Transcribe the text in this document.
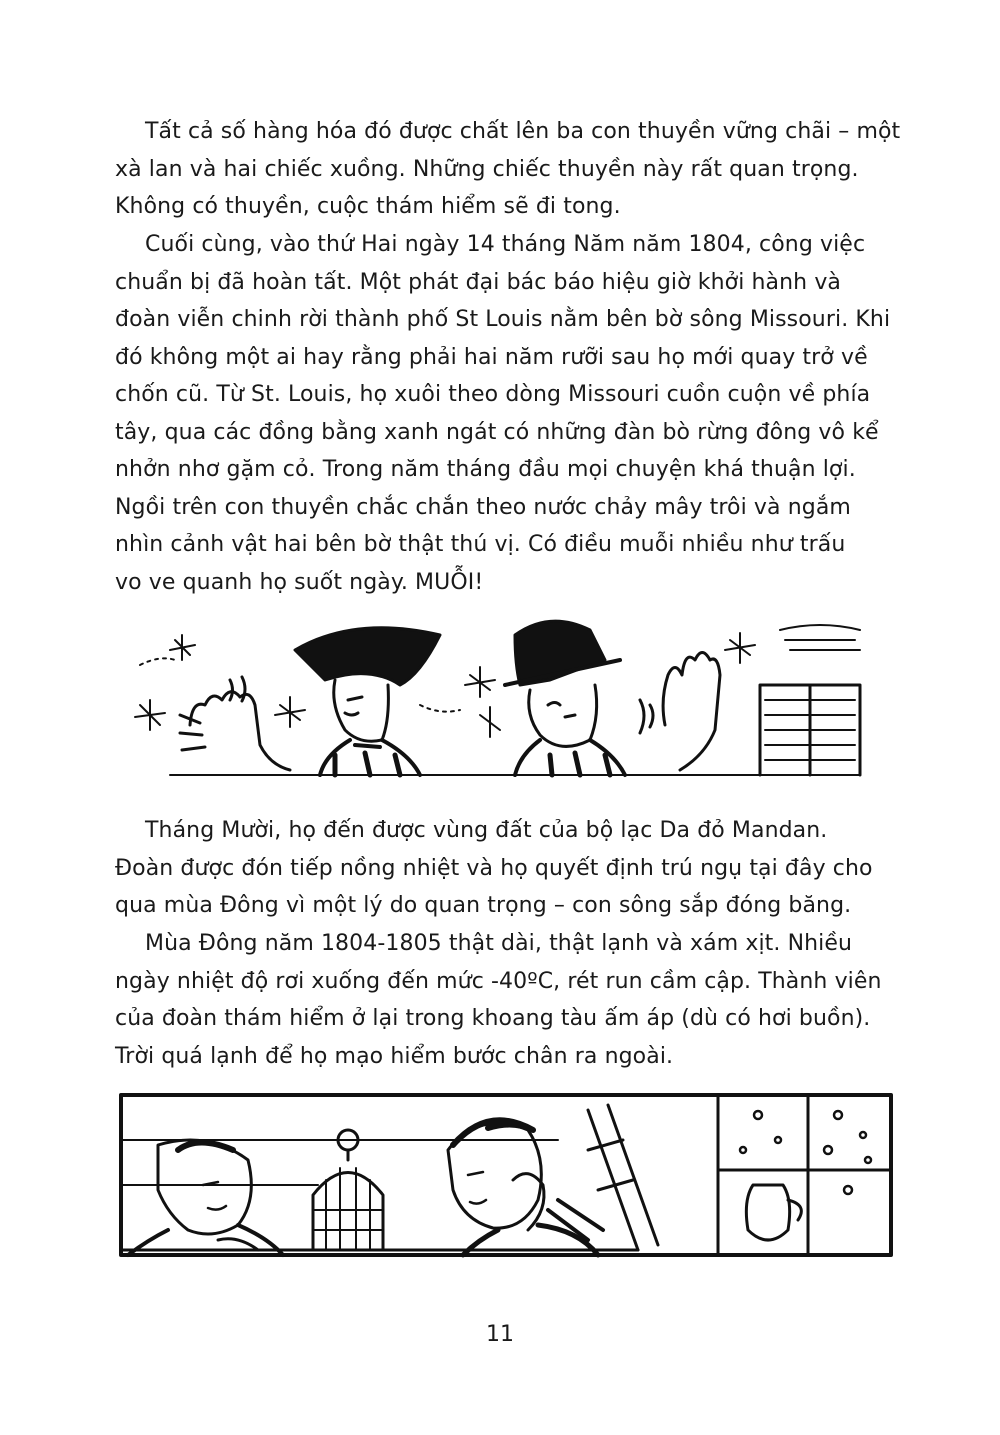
Tất cả số hàng hóa đó được chất lên ba con thuyền vững chãi – một
xà lan và hai chiếc xuồng. Những chiếc thuyền này rất quan trọng.
Không có thuyền, cuộc thám hiểm sẽ đi tong.
Cuối cùng, vào thứ Hai ngày 14 tháng Năm năm 1804, công việc
chuẩn bị đã hoàn tất. Một phát đại bác báo hiệu giờ khởi hành và
đoàn viễn chinh rời thành phố St Louis nằm bên bờ sông Missouri. Khi
đó không một ai hay rằng phải hai năm rưỡi sau họ mới quay trở về
chốn cũ. Từ St. Louis, họ xuôi theo dòng Missouri cuồn cuộn về phía
tây, qua các đồng bằng xanh ngát có những đàn bò rừng đông vô kể
nhởn nhơ gặm cỏ. Trong năm tháng đầu mọi chuyện khá thuận lợi.
Ngồi trên con thuyền chắc chắn theo nước chảy mây trôi và ngắm
nhìn cảnh vật hai bên bờ thật thú vị. Có điều muỗi nhiều như trấu
vo ve quanh họ suốt ngày. MUỖI!
Tháng Mười, họ đến được vùng đất của bộ lạc Da đỏ Mandan.
Đoàn được đón tiếp nồng nhiệt và họ quyết định trú ngụ tại đây cho
qua mùa Đông vì một lý do quan trọng – con sông sắp đóng băng.
Mùa Đông năm 1804-1805 thật dài, thật lạnh và xám xịt. Nhiều
ngày nhiệt độ rơi xuống đến mức -40ºC, rét run cầm cập. Thành viên
của đoàn thám hiểm ở lại trong khoang tàu ấm áp (dù có hơi buồn).
Trời quá lạnh để họ mạo hiểm bước chân ra ngoài.
11
